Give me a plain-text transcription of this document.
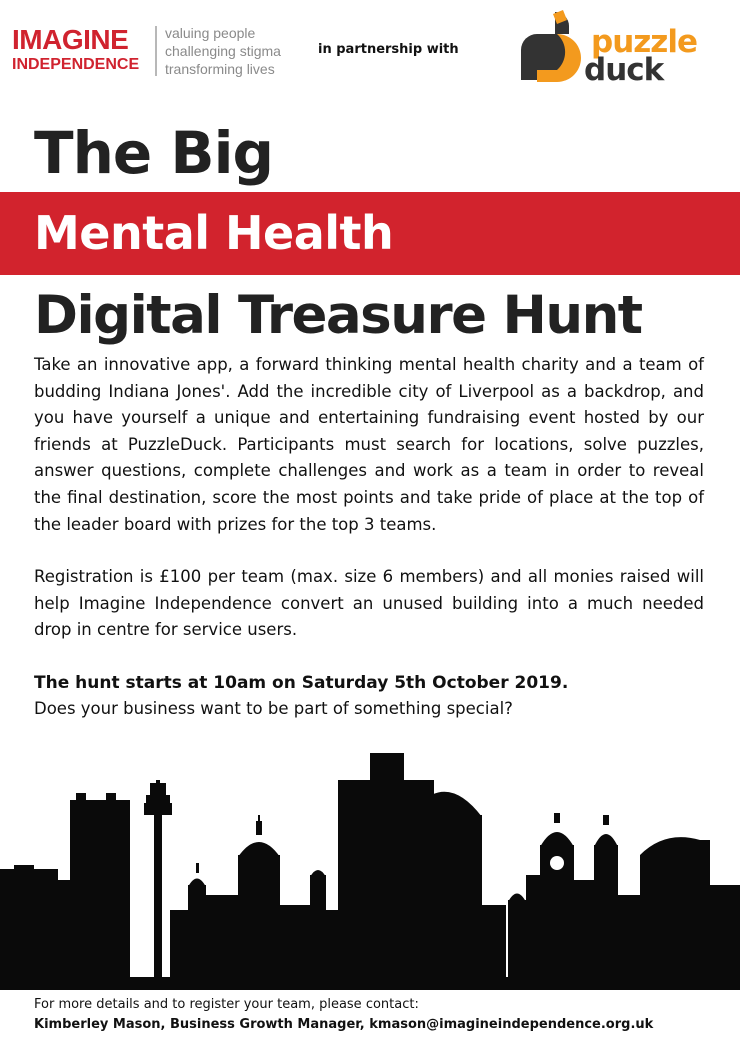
IMAGINE
INDEPENDENCE
valuing people
challenging stigma
transforming lives
in partnership with	puzzle
duck
The Big
Mental Health
Digital Treasure Hunt

Take an innovative app, a forward thinking mental health charity and a team of budding Indiana Jones'. Add the incredible city of Liverpool as a backdrop, and you have yourself a unique and entertaining fundraising event hosted by our friends at PuzzleDuck. Participants must search for locations, solve puzzles, answer questions, complete challenges and work as a team in order to reveal the final destination, score the most points and take pride of place at the top of the leader board with prizes for the top 3 teams.

Registration is £100 per team (max. size 6 members) and all monies raised will help Imagine Independence convert an unused building into a much needed drop in centre for service users.

The hunt starts at 10am on Saturday 5th October 2019.

Does your business want to be part of something special?

For more details and to register your team, please contact:
Kimberley Mason, Business Growth Manager, kmason@imagineindependence.org.uk
